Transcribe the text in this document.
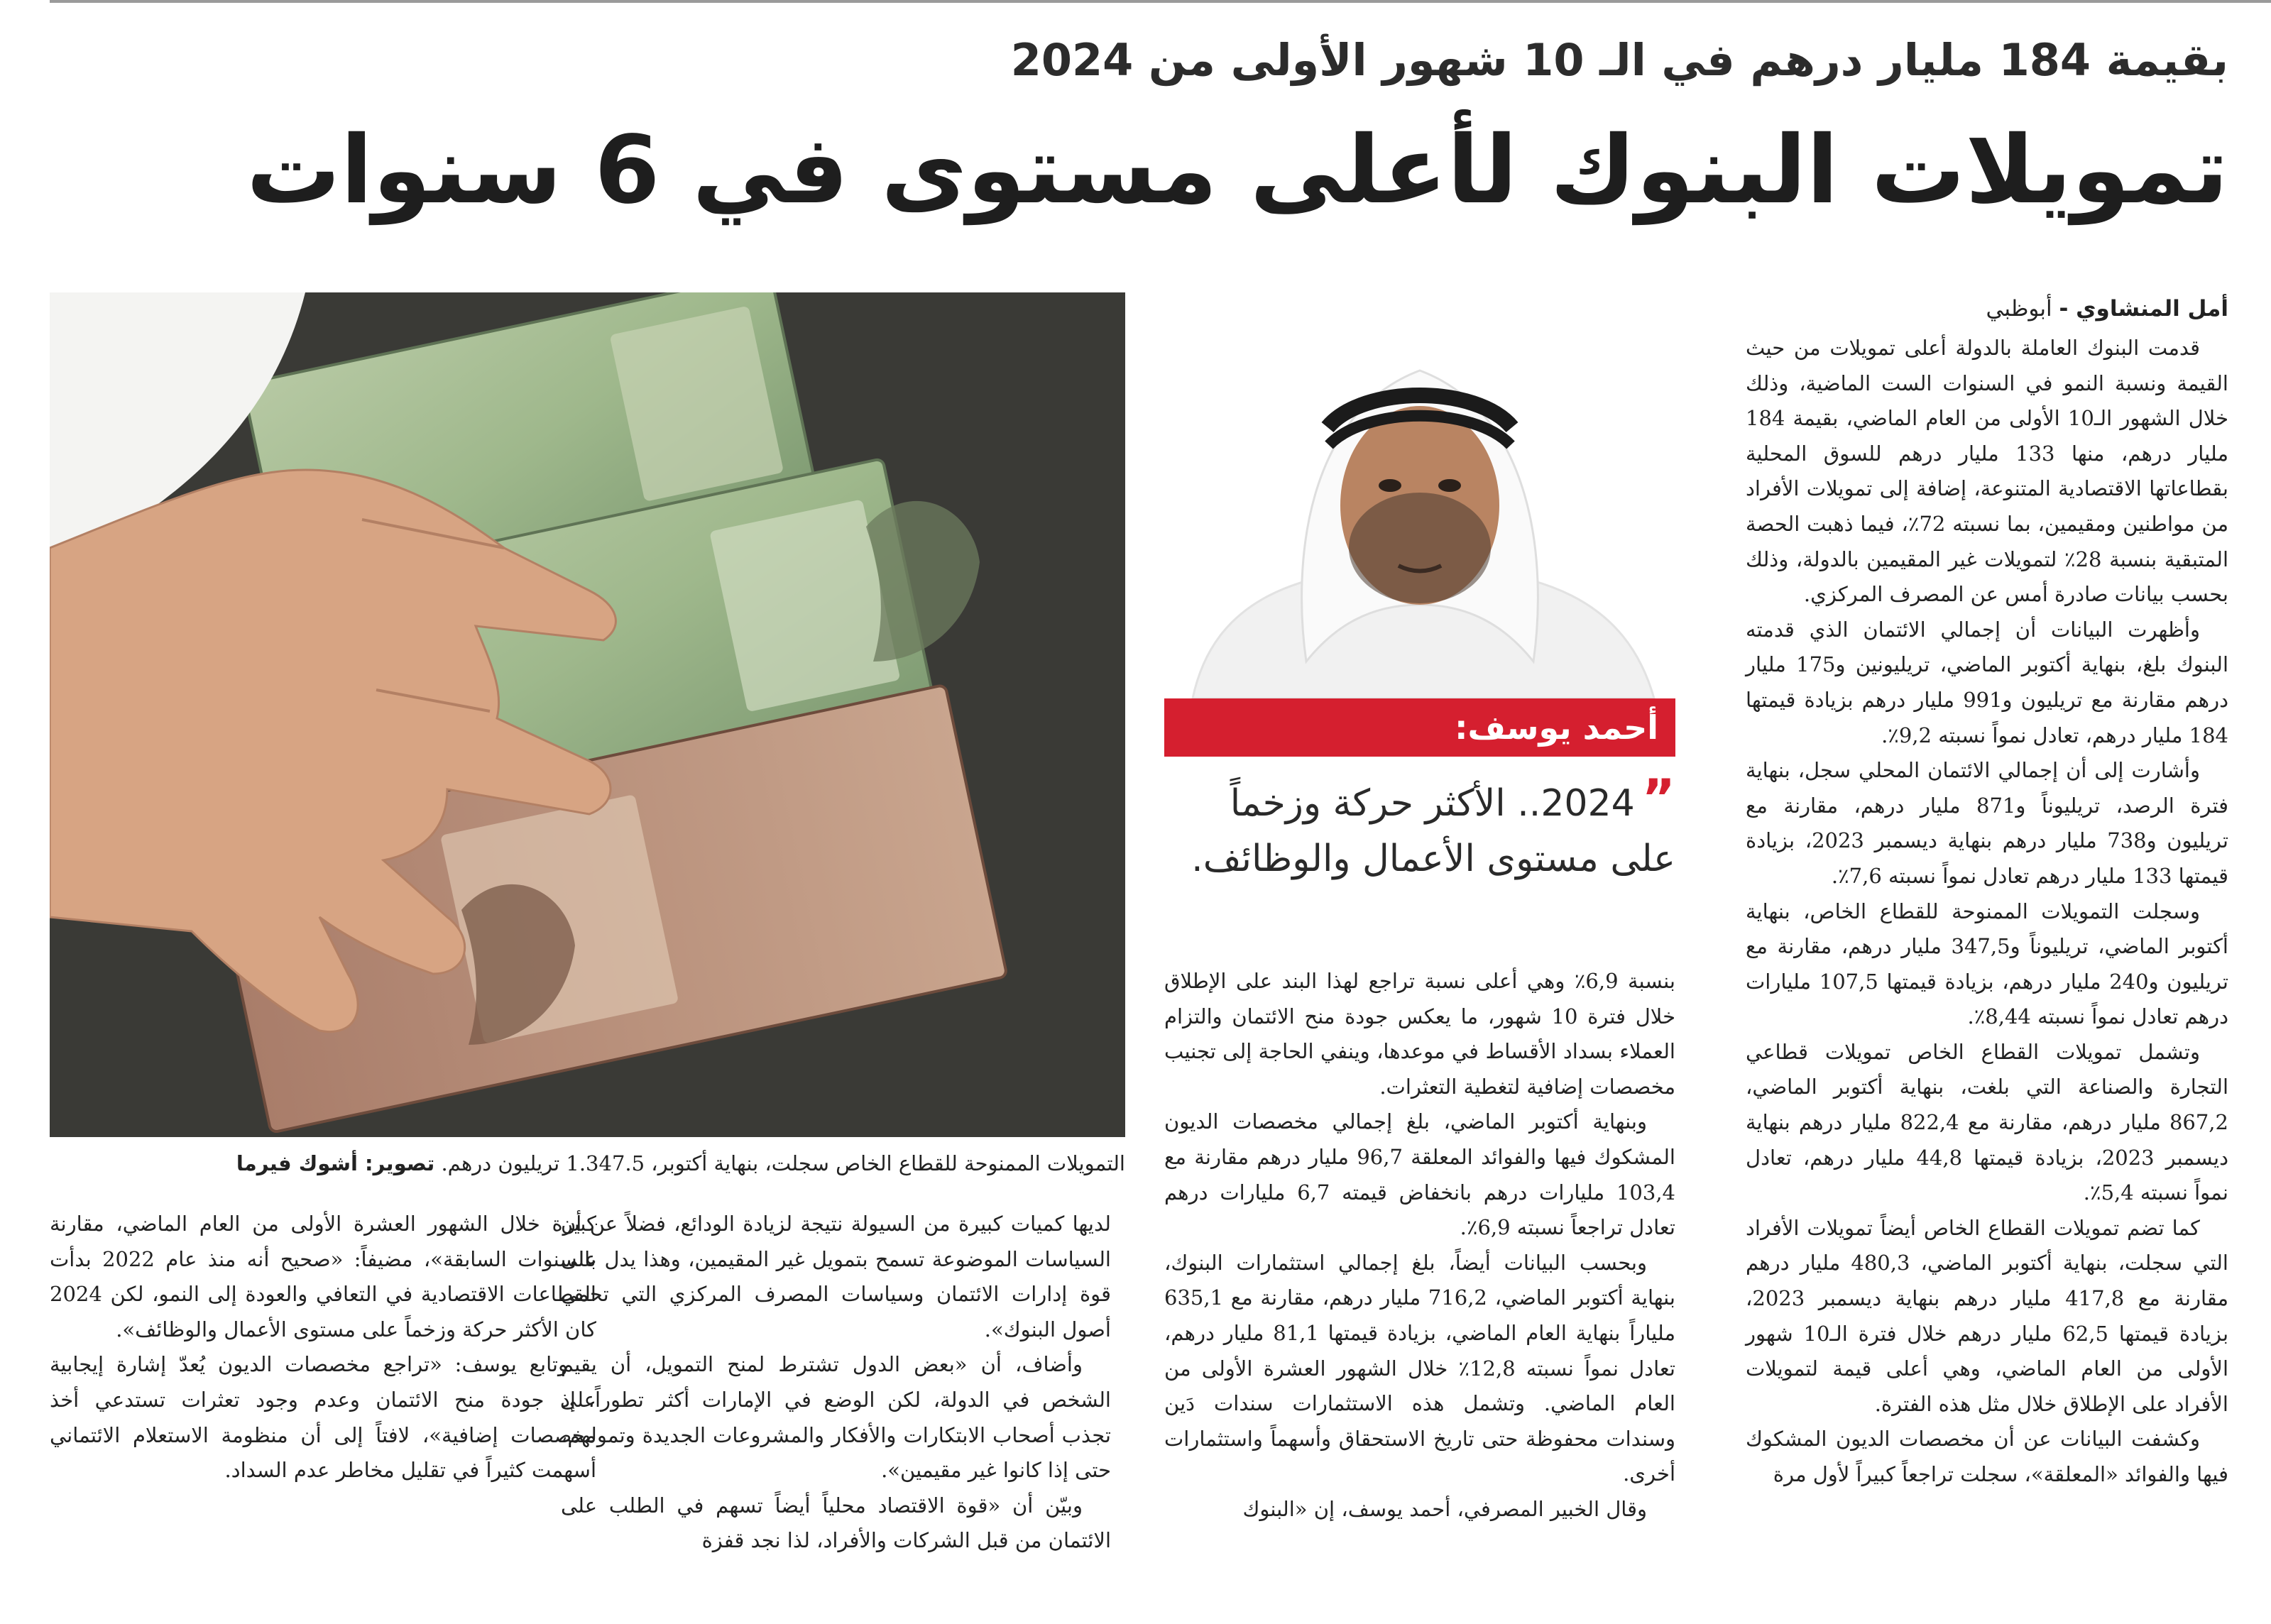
بقيمة 184 مليار درهم في الـ 10 شهور الأولى من 2024
تمويلات البنوك لأعلى مستوى في 6 سنوات
أمل المنشاوي - أبوظبي

قدمت البنوك العاملة بالدولة أعلى تمويلات من حيث القيمة ونسبة النمو في السنوات الست الماضية، وذلك خلال الشهور الـ10 الأولى من العام الماضي، بقيمة 184 مليار درهم، منها 133 مليار درهم للسوق المحلية بقطاعاتها الاقتصادية المتنوعة، إضافة إلى تمويلات الأفراد من مواطنين ومقيمين، بما نسبته 72٪، فيما ذهبت الحصة المتبقية بنسبة 28٪ لتمويلات غير المقيمين بالدولة، وذلك بحسب بيانات صادرة أمس عن المصرف المركزي.

وأظهرت البيانات أن إجمالي الائتمان الذي قدمته البنوك بلغ، بنهاية أكتوبر الماضي، تريليونين و175 مليار درهم مقارنة مع تريليون و991 مليار درهم بزيادة قيمتها 184 مليار درهم، تعادل نمواً نسبته 9,2٪.

وأشارت إلى أن إجمالي الائتمان المحلي سجل، بنهاية فترة الرصد، تريليوناً و871 مليار درهم، مقارنة مع تريليون و738 مليار درهم بنهاية ديسمبر 2023، بزيادة قيمتها 133 مليار درهم تعادل نمواً نسبته 7,6٪.

وسجلت التمويلات الممنوحة للقطاع الخاص، بنهاية أكتوبر الماضي، تريليوناً و347,5 مليار درهم، مقارنة مع تريليون و240 مليار درهم، بزيادة قيمتها 107,5 مليارات درهم تعادل نمواً نسبته 8,44٪.

وتشمل تمويلات القطاع الخاص تمويلات قطاعي التجارة والصناعة التي بلغت، بنهاية أكتوبر الماضي، 867,2 مليار درهم، مقارنة مع 822,4 مليار درهم بنهاية ديسمبر 2023، بزيادة قيمتها 44,8 مليار درهم، تعادل نمواً نسبته 5,4٪.

كما تضم تمويلات القطاع الخاص أيضاً تمويلات الأفراد التي سجلت، بنهاية أكتوبر الماضي، 480,3 مليار درهم مقارنة مع 417,8 مليار درهم بنهاية ديسمبر 2023، بزيادة قيمتها 62,5 مليار درهم خلال فترة الـ10 شهور الأولى من العام الماضي، وهي أعلى قيمة لتمويلات الأفراد على الإطلاق خلال مثل هذه الفترة.

وكشفت البيانات عن أن مخصصات الديون المشكوك فيها والفوائد «المعلقة»، سجلت تراجعاً كبيراً لأول مرة

أحمد يوسف:
”2024.. الأكثر حركة وزخماً على مستوى الأعمال والوظائف.

بنسبة 6,9٪ وهي أعلى نسبة تراجع لهذا البند على الإطلاق خلال فترة 10 شهور، ما يعكس جودة منح الائتمان والتزام العملاء بسداد الأقساط في موعدها، وينفي الحاجة إلى تجنيب مخصصات إضافية لتغطية التعثرات.

وبنهاية أكتوبر الماضي، بلغ إجمالي مخصصات الديون المشكوك فيها والفوائد المعلقة 96,7 مليار درهم مقارنة مع 103,4 مليارات درهم بانخفاض قيمته 6,7 مليارات درهم تعادل تراجعاً نسبته 6,9٪.

وبحسب البيانات أيضاً، بلغ إجمالي استثمارات البنوك، بنهاية أكتوبر الماضي، 716,2 مليار درهم، مقارنة مع 635,1 ملياراً بنهاية العام الماضي، بزيادة قيمتها 81,1 مليار درهم، تعادل نمواً نسبته 12,8٪ خلال الشهور العشرة الأولى من العام الماضي. وتشمل هذه الاستثمارات سندات دَين وسندات محفوظة حتى تاريخ الاستحقاق وأسهماً واستثمارات أخرى.

وقال الخبير المصرفي، أحمد يوسف، إن «البنوك

التمويلات الممنوحة للقطاع الخاص سجلت، بنهاية أكتوبر، 1.347.5 تريليون درهم. تصوير: أشوك فيرما

لديها كميات كبيرة من السيولة نتيجة لزيادة الودائع، فضلاً عن أن السياسات الموضوعة تسمح بتمويل غير المقيمين، وهذا يدل على قوة إدارات الائتمان وسياسات المصرف المركزي التي تحمي أصول البنوك».

وأضاف، أن «بعض الدول تشترط لمنح التمويل، أن يقيم الشخص في الدولة، لكن الوضع في الإمارات أكثر تطوراً، إذ تجذب أصحاب الابتكارات والأفكار والمشروعات الجديدة وتمولهم، حتى إذا كانوا غير مقيمين».

وبيّن أن «قوة الاقتصاد محلياً أيضاً تسهم في الطلب على الائتمان من قبل الشركات والأفراد، لذا نجد قفزة

كبيرة خلال الشهور العشرة الأولى من العام الماضي، مقارنة بالسنوات السابقة»، مضيفاً: «صحيح أنه منذ عام 2022 بدأت القطاعات الاقتصادية في التعافي والعودة إلى النمو، لكن 2024 كان الأكثر حركة وزخماً على مستوى الأعمال والوظائف».

وتابع يوسف: «تراجع مخصصات الديون يُعدّ إشارة إيجابية على جودة منح الائتمان وعدم وجود تعثرات تستدعي أخذ مخصصات إضافية»، لافتاً إلى أن منظومة الاستعلام الائتماني أسهمت كثيراً في تقليل مخاطر عدم السداد.
